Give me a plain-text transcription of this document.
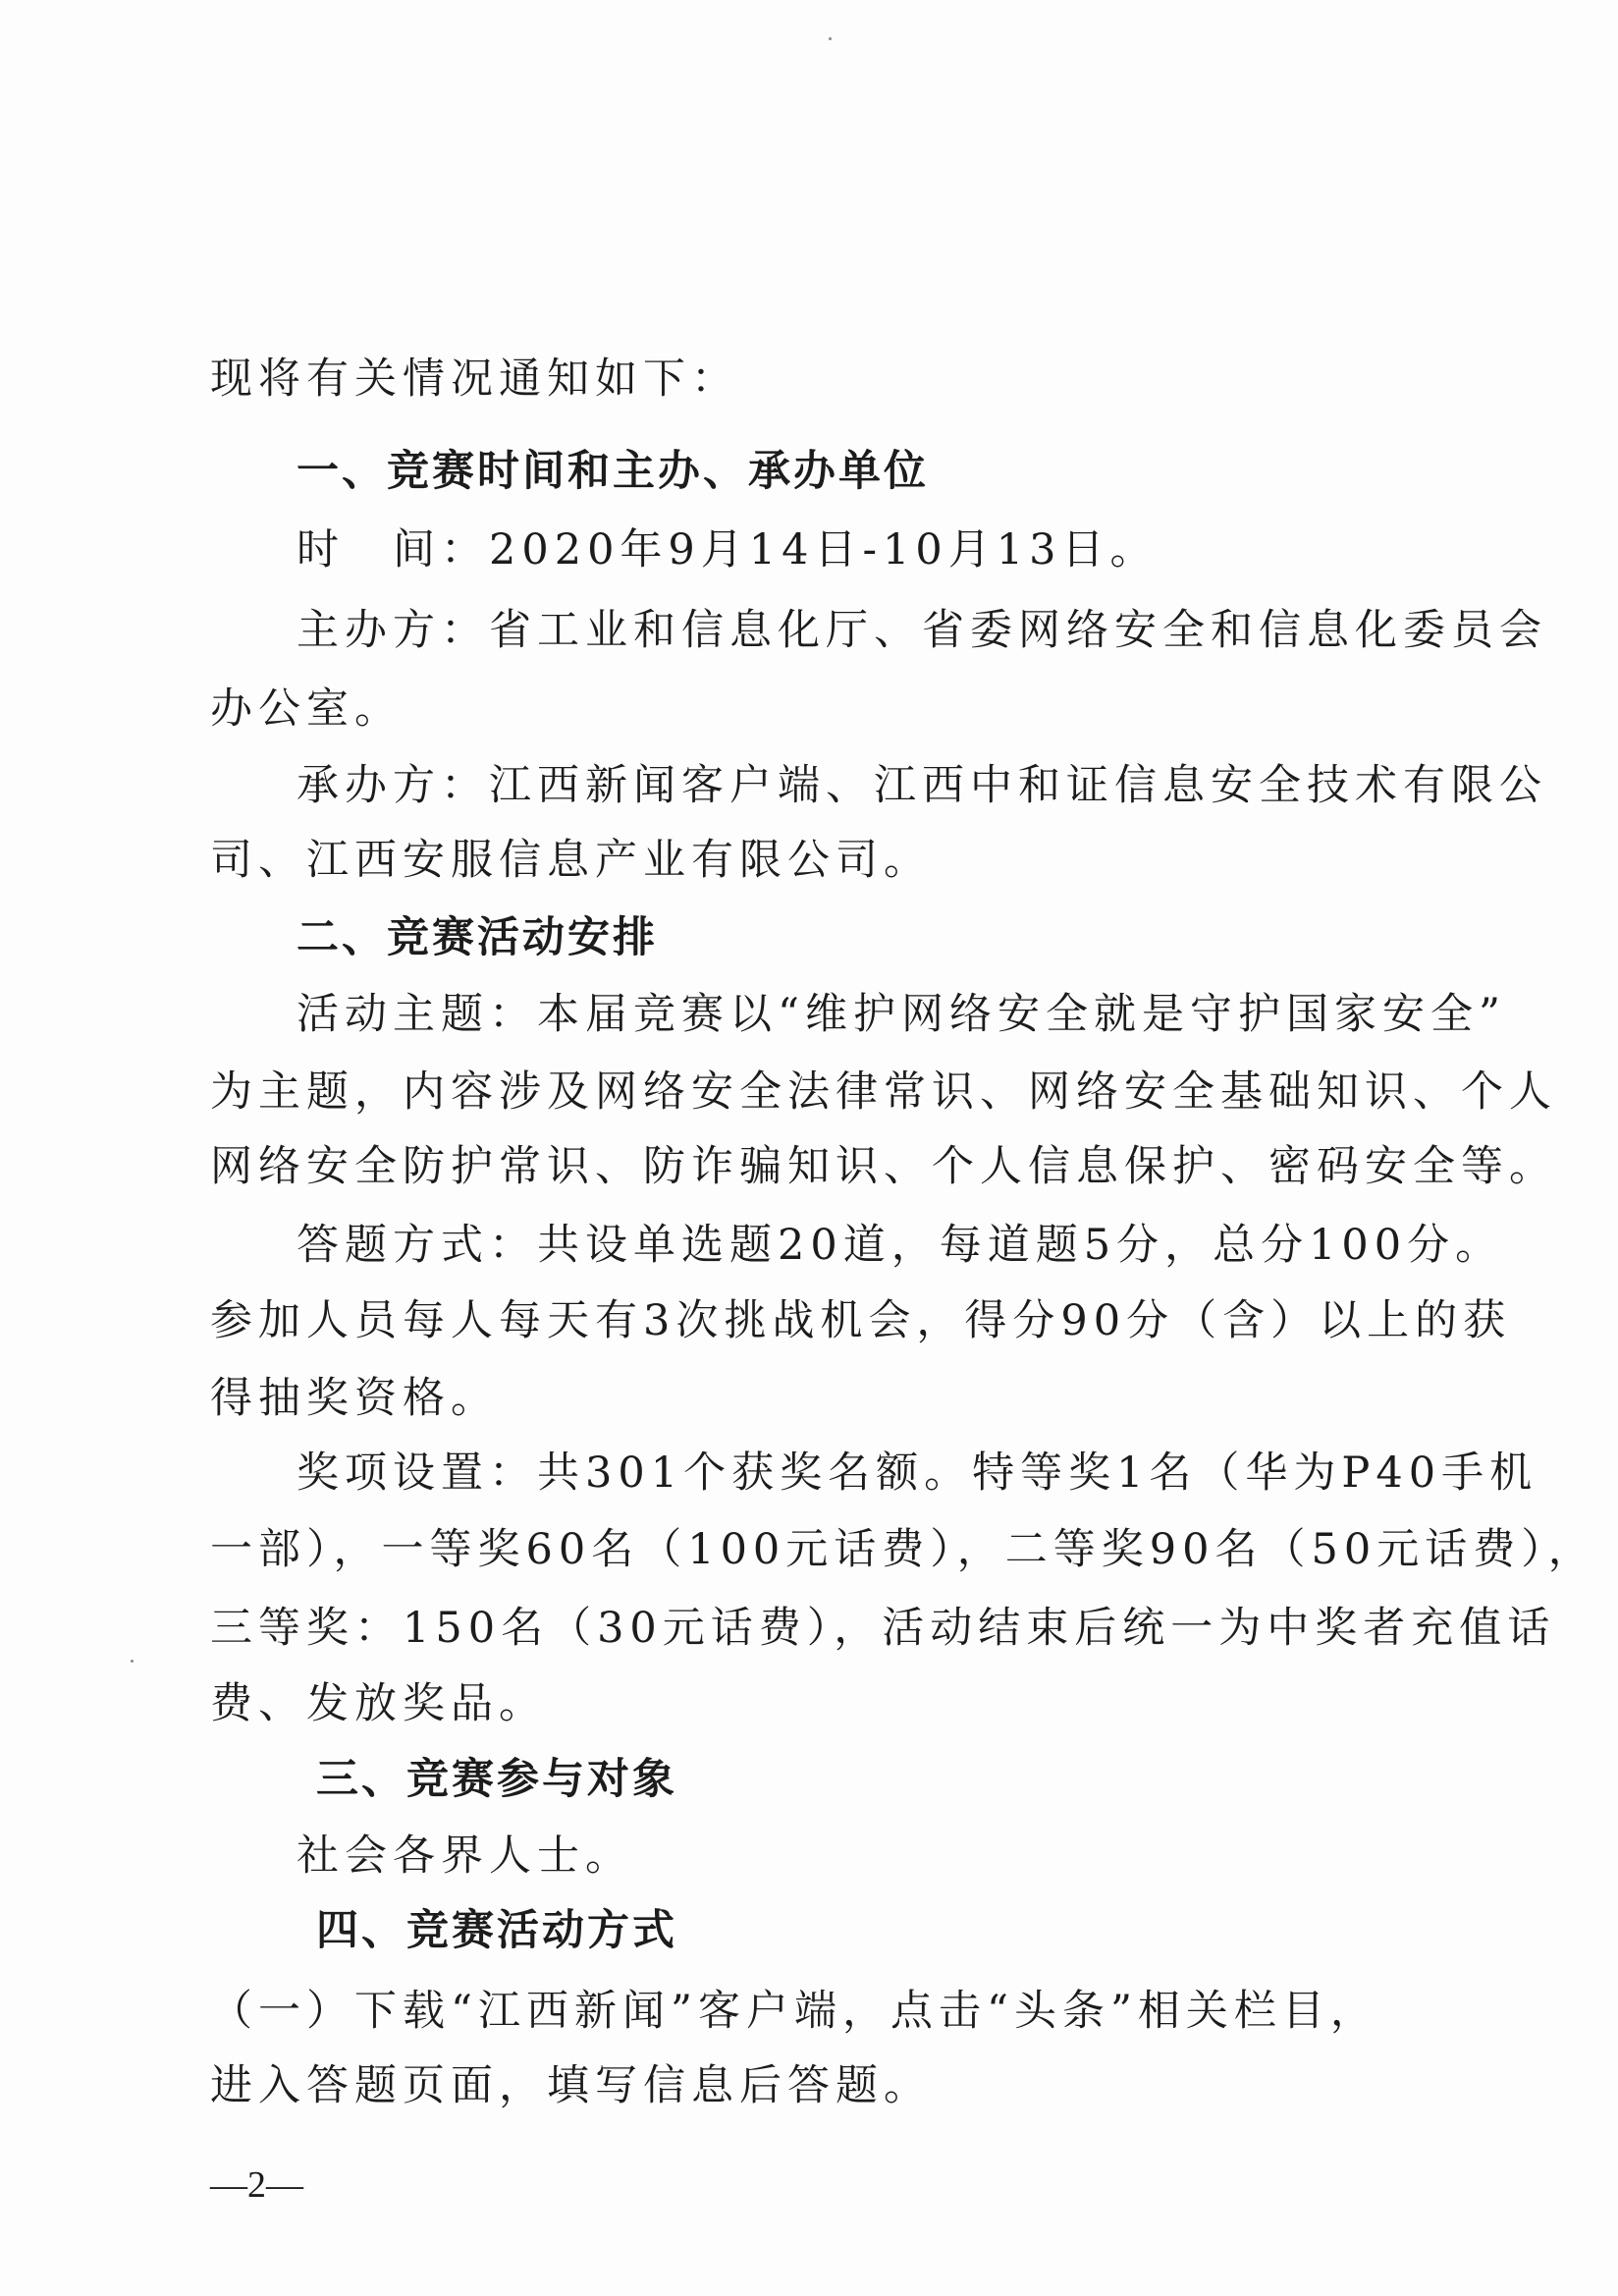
现将有关情况通知如下：
一、竞赛时间和主办、承办单位
时　间：2020年9月14日-10月13日。
主办方：省工业和信息化厅、省委网络安全和信息化委员会
办公室。
承办方：江西新闻客户端、江西中和证信息安全技术有限公
司、江西安服信息产业有限公司。
二、竞赛活动安排
活动主题：本届竞赛以“维护网络安全就是守护国家安全”
为主题，内容涉及网络安全法律常识、网络安全基础知识、个人
网络安全防护常识、防诈骗知识、个人信息保护、密码安全等。
答题方式：共设单选题20道，每道题5分，总分100分。
参加人员每人每天有3次挑战机会，得分90分（含）以上的获
得抽奖资格。
奖项设置：共301个获奖名额。特等奖1名（华为P40手机
一部），一等奖60名（100元话费），二等奖90名（50元话费），
三等奖：150名（30元话费），活动结束后统一为中奖者充值话
费、发放奖品。
三、竞赛参与对象
社会各界人士。
四、竞赛活动方式
（一）下载“江西新闻”客户端，点击“头条”相关栏目，
进入答题页面，填写信息后答题。
—2—
